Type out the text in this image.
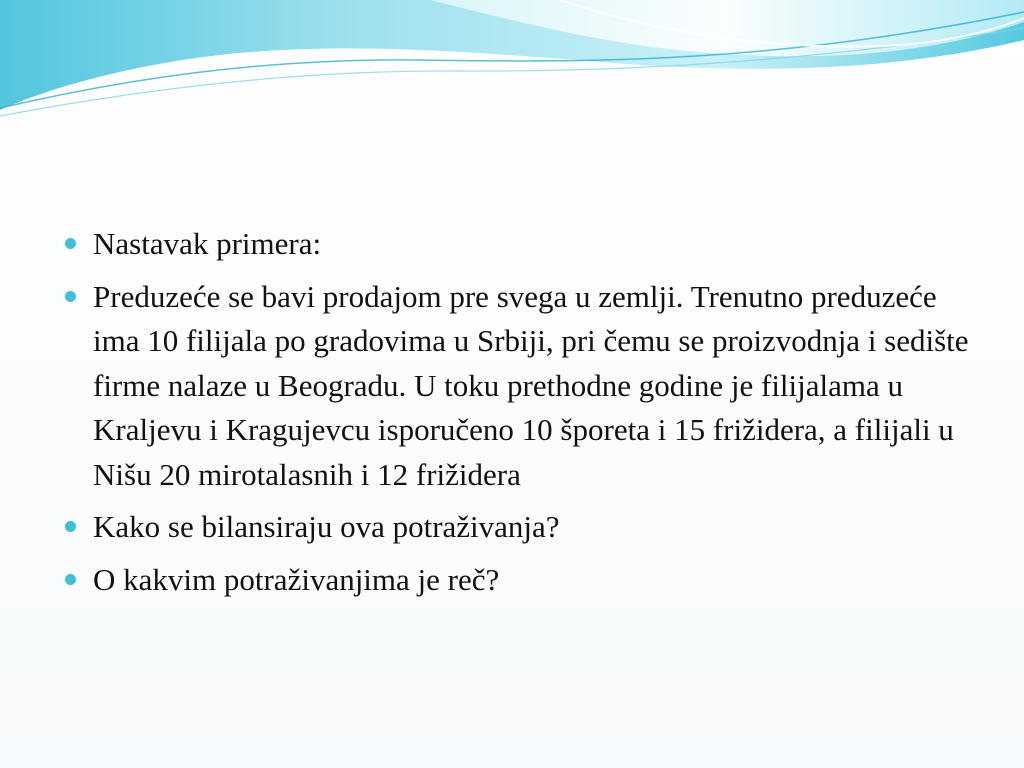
Nastavak primera:
Preduzeće se bavi prodajom pre svega u zemlji. Trenutno preduzeće ima 10 filijala po gradovima u Srbiji, pri čemu se proizvodnja i sedište firme nalaze u Beogradu. U toku prethodne godine je filijalama u Kraljevu i Kragujevcu isporučeno 10 šporeta i 15 frižidera, a filijali u Nišu 20 mirotalasnih i 12 frižidera
Kako se bilansiraju ova potraživanja?
O kakvim potraživanjima je reč?
